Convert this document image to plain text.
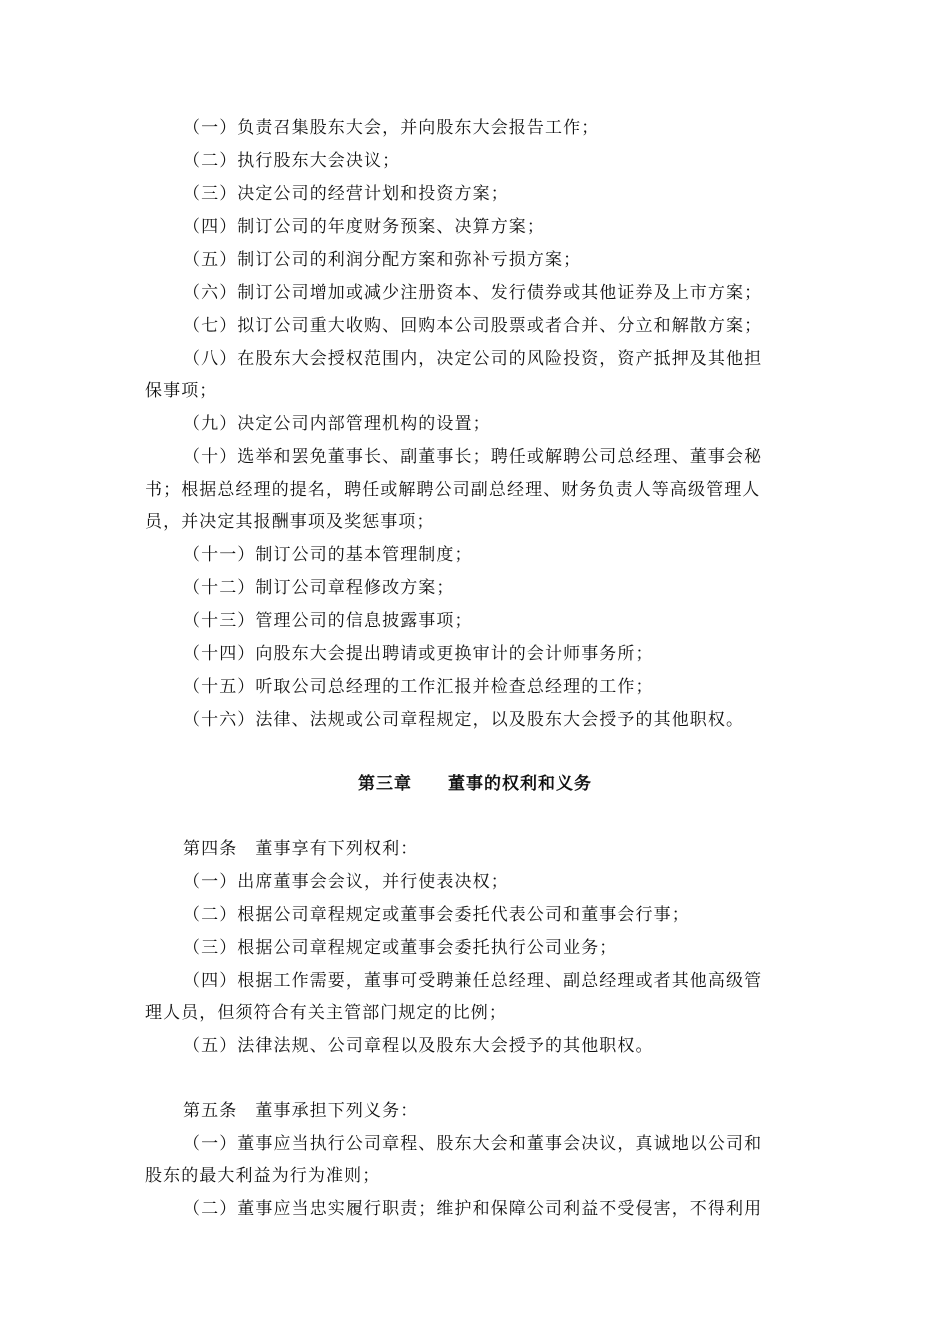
（一）负责召集股东大会，并向股东大会报告工作；
（二）执行股东大会决议；
（三）决定公司的经营计划和投资方案；
（四）制订公司的年度财务预案、决算方案；
（五）制订公司的利润分配方案和弥补亏损方案；
（六）制订公司增加或减少注册资本、发行债券或其他证券及上市方案；
（七）拟订公司重大收购、回购本公司股票或者合并、分立和解散方案；
（八）在股东大会授权范围内，决定公司的风险投资，资产抵押及其他担
保事项；
（九）决定公司内部管理机构的设置；
（十）选举和罢免董事长、副董事长；聘任或解聘公司总经理、董事会秘
书；根据总经理的提名，聘任或解聘公司副总经理、财务负责人等高级管理人
员，并决定其报酬事项及奖惩事项；
（十一）制订公司的基本管理制度；
（十二）制订公司章程修改方案；
（十三）管理公司的信息披露事项；
（十四）向股东大会提出聘请或更换审计的会计师事务所；
（十五）听取公司总经理的工作汇报并检查总经理的工作；
（十六）法律、法规或公司章程规定，以及股东大会授予的其他职权。
第三章　　董事的权利和义务
第四条　董事享有下列权利：
（一）出席董事会会议，并行使表决权；
（二）根据公司章程规定或董事会委托代表公司和董事会行事；
（三）根据公司章程规定或董事会委托执行公司业务；
（四）根据工作需要，董事可受聘兼任总经理、副总经理或者其他高级管
理人员，但须符合有关主管部门规定的比例；
（五）法律法规、公司章程以及股东大会授予的其他职权。
第五条　董事承担下列义务：
（一）董事应当执行公司章程、股东大会和董事会决议，真诚地以公司和
股东的最大利益为行为准则；
（二）董事应当忠实履行职责；维护和保障公司利益不受侵害，不得利用
